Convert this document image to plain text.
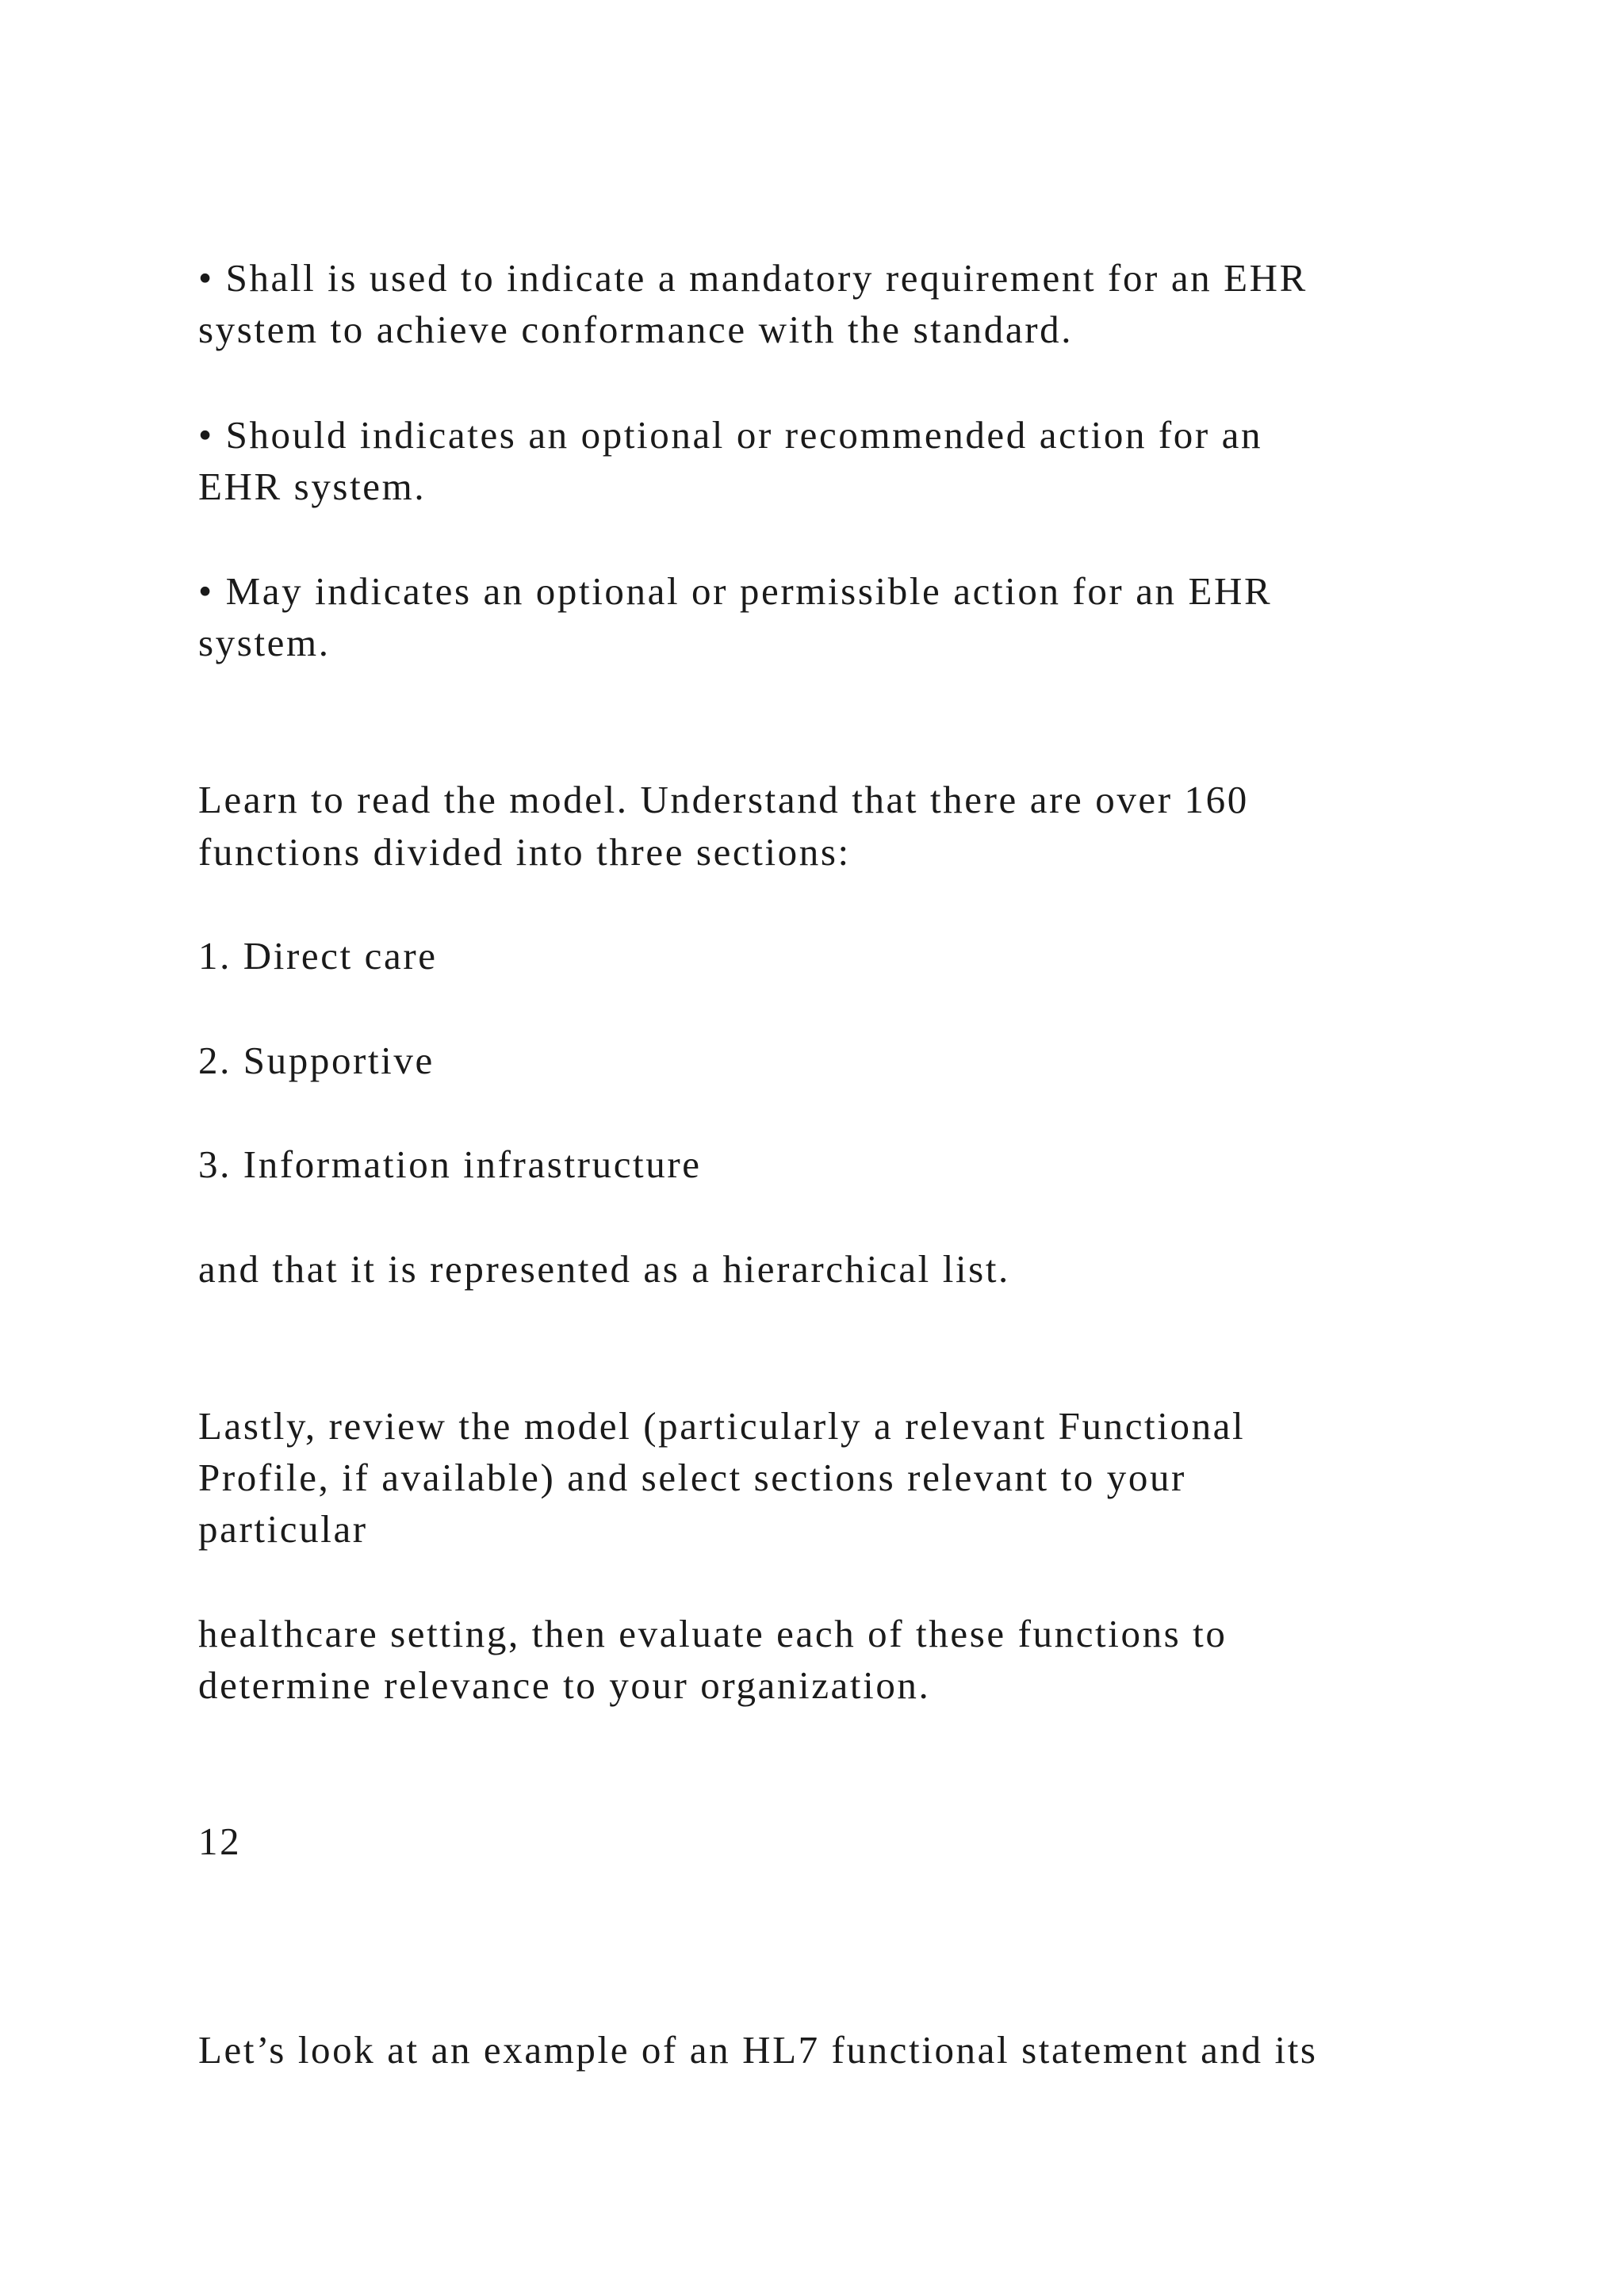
• Shall is used to indicate a mandatory requirement for an EHR
system to achieve conformance with the standard.
• Should indicates an optional or recommended action for an
EHR system.
• May indicates an optional or permissible action for an EHR
system.
Learn to read the model. Understand that there are over 160
functions divided into three sections:
1. Direct care
2. Supportive
3. Information infrastructure
and that it is represented as a hierarchical list.
Lastly, review the model (particularly a relevant Functional
Profile, if available) and select sections relevant to your
particular
healthcare setting, then evaluate each of these functions to
determine relevance to your organization.
12
Let’s look at an example of an HL7 functional statement and its
